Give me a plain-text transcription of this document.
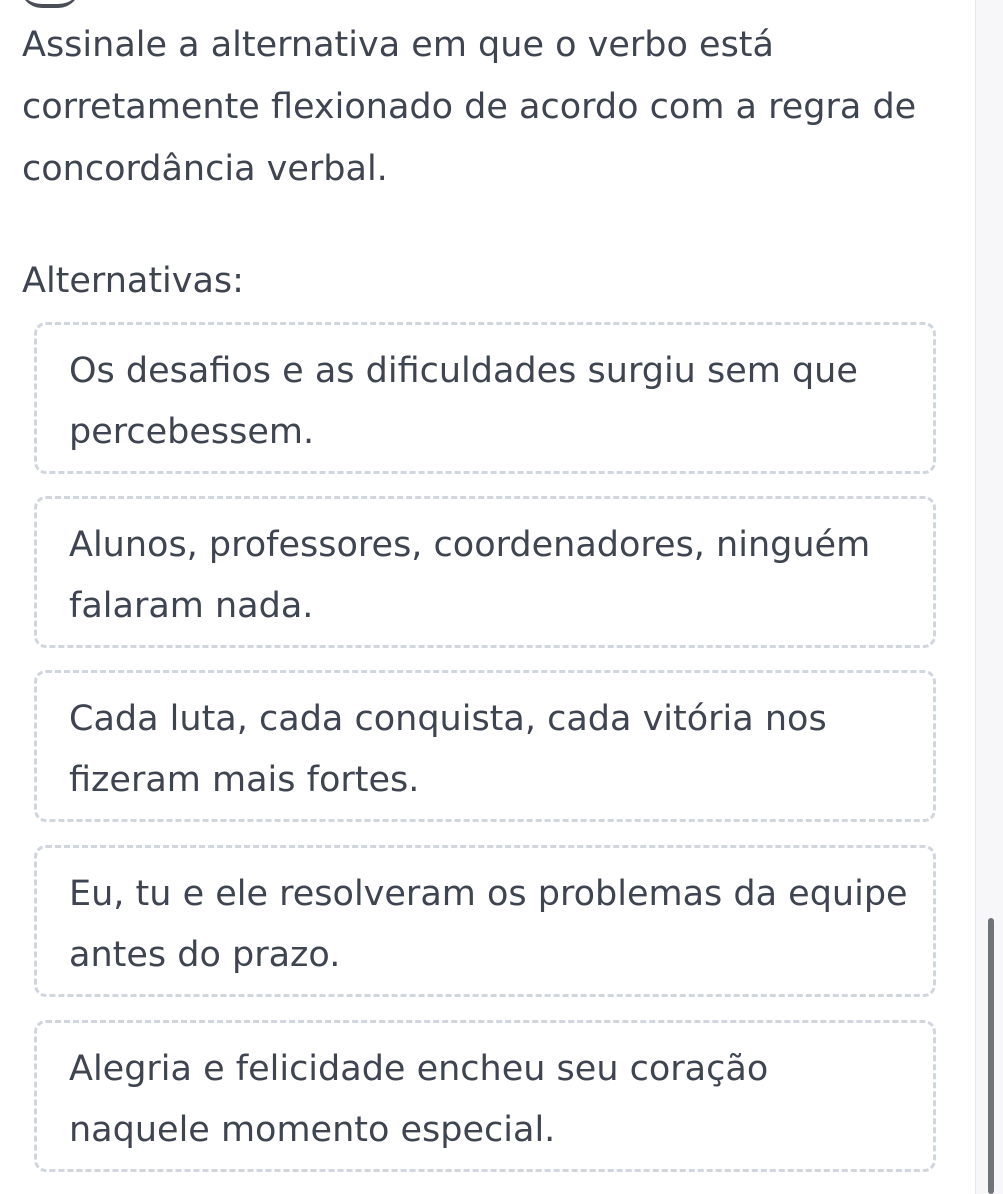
Assinale a alternativa em que o verbo está corretamente flexionado de acordo com a regra de concordância verbal.

Alternativas:
Os desafios e as dificuldades surgiu sem que percebessem.
Alunos, professores, coordenadores, ninguém falaram nada.
Cada luta, cada conquista, cada vitória nos fizeram mais fortes.
Eu, tu e ele resolveram os problemas da equipe antes do prazo.
Alegria e felicidade encheu seu coração naquele momento especial.
